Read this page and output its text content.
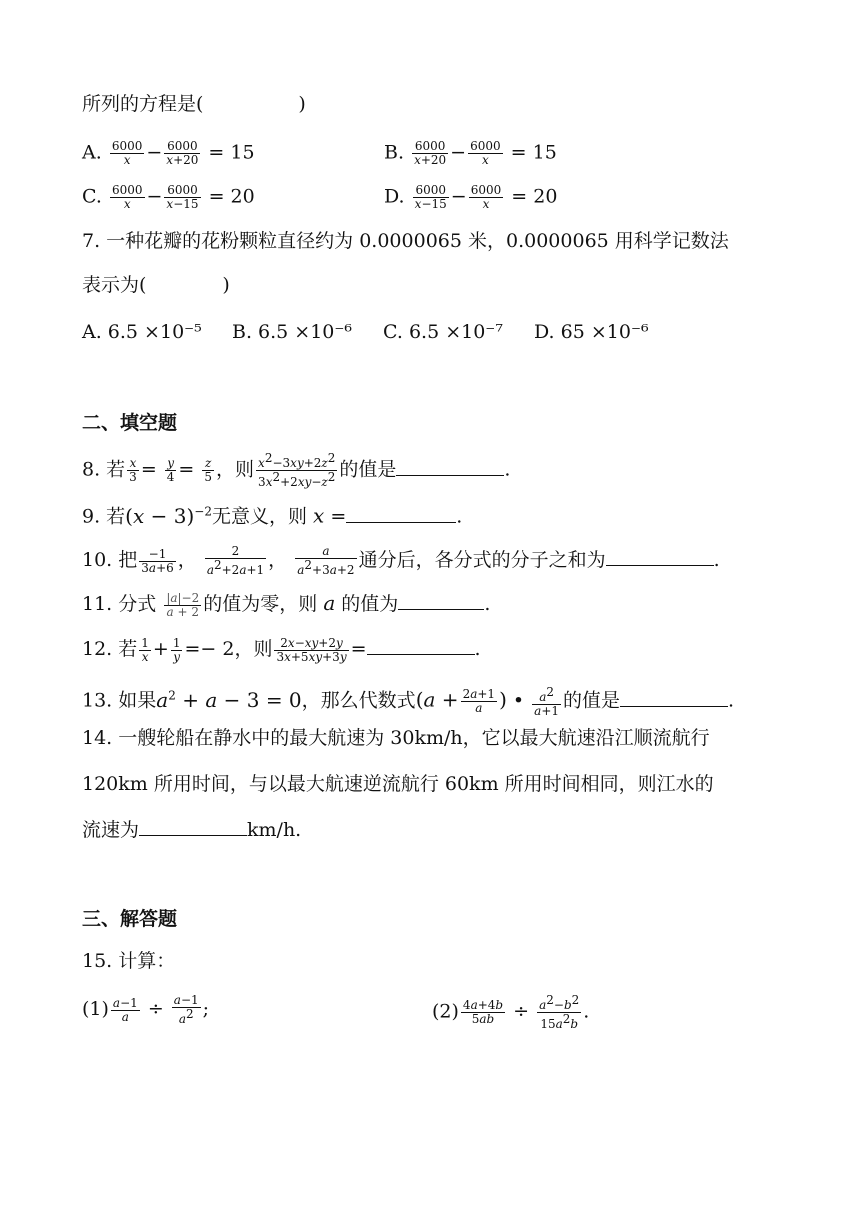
所列的方程是(　　　　　)
A. $\frac{6000}{x} - \frac{6000}{x+20} = 15$	B. $\frac{6000}{x+20} - \frac{6000}{x} = 15$
C. $\frac{6000}{x} - \frac{6000}{x-15} = 20$	D. $\frac{6000}{x-15} - \frac{6000}{x} = 20$
7. 一种花瓣的花粉颗粒直径约为 0.0000065 米，0.0000065 用科学记数法
表示为(　　　　)
A. 6.5 ×10⁻⁵ B. 6.5 ×10⁻⁶ C. 6.5 ×10⁻⁷ D. 65 ×10⁻⁶
二、填空题
8. 若 $\frac{x}{3} = \frac{y}{4} = \frac{z}{5}$ ，则 $\frac{x^2-3xy+2z^2}{3x^2+2xy-z^2}$ 的值是	.
9. 若$(x - 3)^{-2}$无意义，则 x =	.
10. 把 $\frac{-1}{3a+6}$ ， $\frac{2}{a^2+2a+1}$ ， $\frac{a}{a^2+3a+2}$ 通分后，各分式的分子之和为	.
11. 分式 $\frac{|a|-2}{a + 2}$ 的值为零，则 a 的值为	.
12. 若 $\frac{1}{x} + \frac{1}{y} =- 2$，则 $\frac{2x-xy+2y}{3x+5xy+3y}$ =	.
13. 如果$a^2 + a - 3 = 0$，那么代数式($a + \frac{2a+1}{a}$ ) • $\frac{a^2}{a+1}$ 的值是	.
14. 一艘轮船在静水中的最大航速为 30km/h，它以最大航速沿江顺流航行
120km 所用时间，与以最大航速逆流航行 60km 所用时间相同，则江水的
流速为	km/h.
三、解答题
15. 计算：
$(1) \frac{a-1}{a} \div \frac{a-1}{a^2}$ ;	$(2) \frac{4a+4b}{5ab} \div \frac{a^2-b^2}{15a^2b}$ .
